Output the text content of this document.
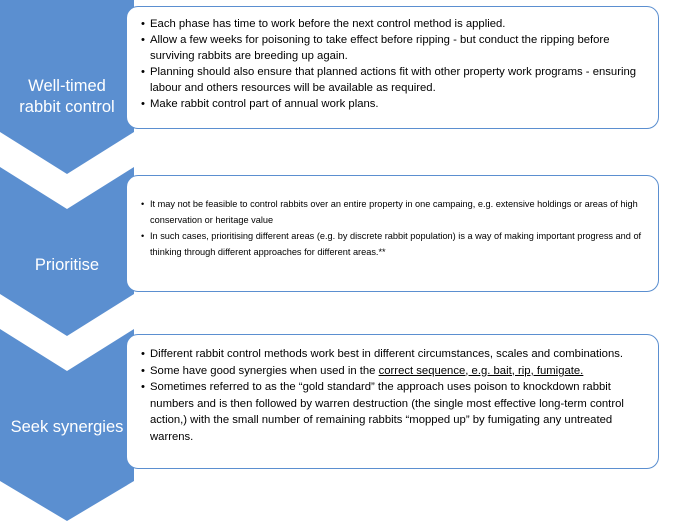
Well-timed
rabbit control
• Each phase has time to work before the next control method is applied.
• Allow a few weeks for poisoning to take effect before ripping - but conduct the ripping before surviving rabbits are breeding up again.
• Planning should also ensure that planned actions fit with other property work programs - ensuring labour and others resources will be available as required.
• Make rabbit control part of annual work plans.
Prioritise
• It may not be feasible to control rabbits over an entire property in one campaing, e.g. extensive holdings or areas of high conservation or heritage value
• In such cases, prioritising different areas (e.g. by discrete rabbit population) is a way of making important progress and of thinking through different approaches for different areas.**
Seek synergies
• Different rabbit control methods work best in different circumstances, scales and combinations.
• Some have good synergies when used in the correct sequence, e.g. bait, rip, fumigate.
• Sometimes referred to as the “gold standard” the approach uses poison to knockdown rabbit numbers and is then followed by warren destruction (the single most effective long-term control action,) with the small number of remaining rabbits “mopped up” by fumigating any untreated warrens.
